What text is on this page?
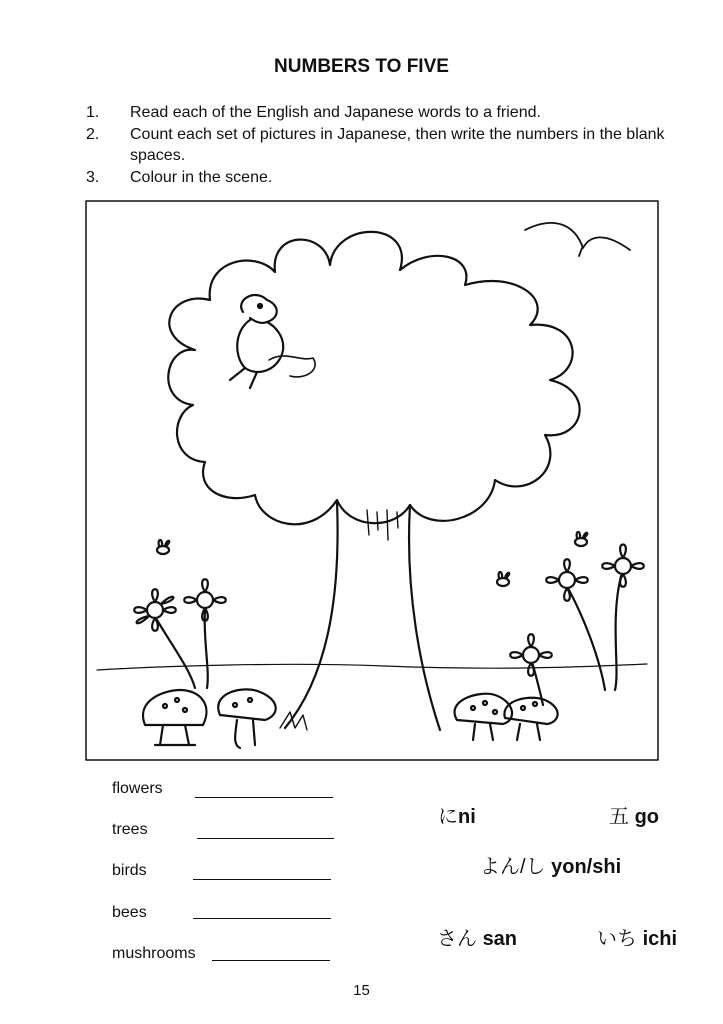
NUMBERS TO FIVE
1. Read each of the English and Japanese words to a friend.
2. Count each set of pictures in Japanese, then write the numbers in the blank spaces.
3. Colour in the scene.
flowers
trees
birds
bees
mushrooms
にni	五 go
よん/し yon/shi
さん san	いち ichi
15
